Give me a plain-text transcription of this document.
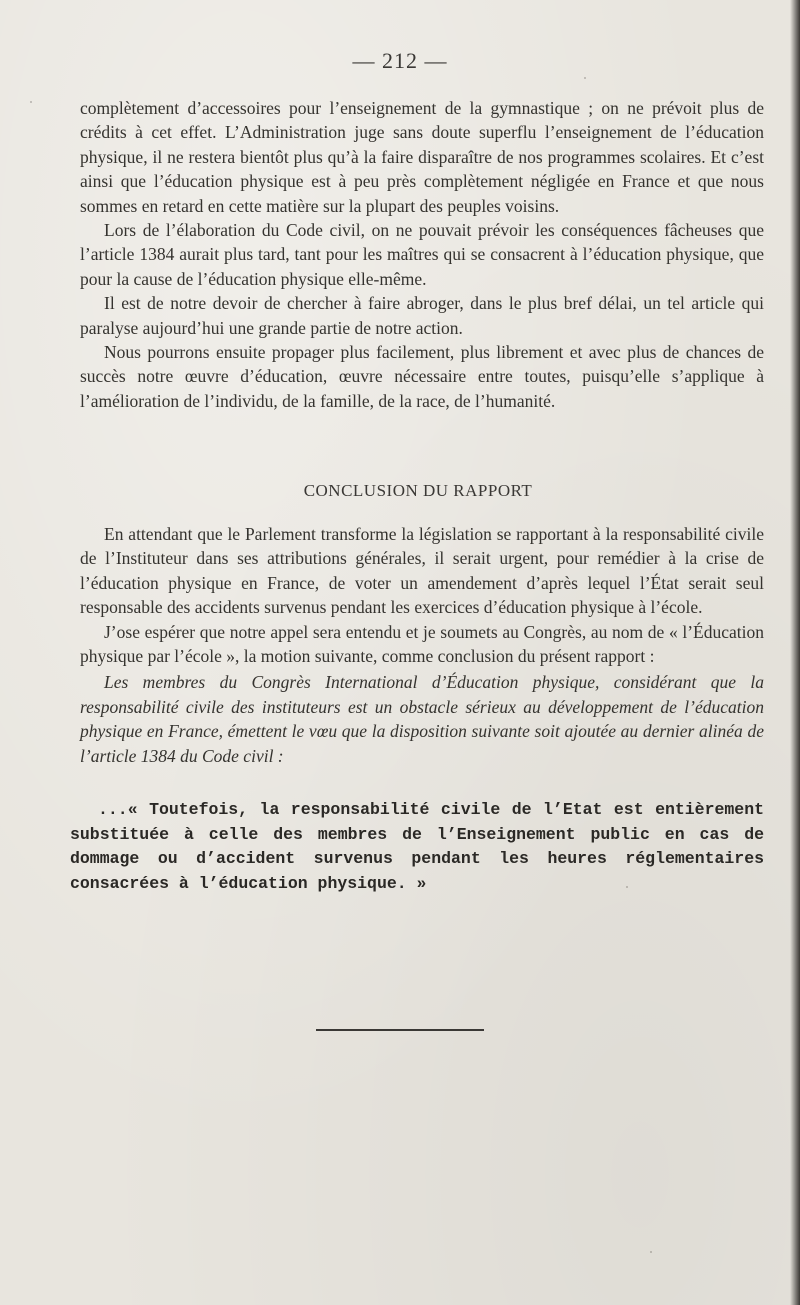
— 212 —

complètement d’accessoires pour l’enseignement de la gymnastique ; on ne prévoit plus de crédits à cet effet. L’Administration juge sans doute superflu l’enseignement de l’éducation physique, il ne restera bientôt plus qu’à la faire disparaître de nos programmes scolaires. Et c’est ainsi que l’éducation physique est à peu près complètement négligée en France et que nous sommes en retard en cette matière sur la plupart des peuples voisins.

Lors de l’élaboration du Code civil, on ne pouvait prévoir les conséquences fâcheuses que l’article 1384 aurait plus tard, tant pour les maîtres qui se consacrent à l’éducation physique, que pour la cause de l’éducation physique elle-même.

Il est de notre devoir de chercher à faire abroger, dans le plus bref délai, un tel article qui paralyse aujourd’hui une grande partie de notre action.

Nous pourrons ensuite propager plus facilement, plus librement et avec plus de chances de succès notre œuvre d’éducation, œuvre nécessaire entre toutes, puisqu’elle s’applique à l’amélioration de l’individu, de la famille, de la race, de l’humanité.

CONCLUSION DU RAPPORT

En attendant que le Parlement transforme la législation se rapportant à la responsabilité civile de l’Instituteur dans ses attributions générales, il serait urgent, pour remédier à la crise de l’éducation physique en France, de voter un amendement d’après lequel l’État serait seul responsable des accidents survenus pendant les exercices d’éducation physique à l’école.

J’ose espérer que notre appel sera entendu et je soumets au Congrès, au nom de « l’Éducation physique par l’école », la motion suivante, comme conclusion du présent rapport :

Les membres du Congrès International d’Éducation physique, considérant que la responsabilité civile des instituteurs est un obstacle sérieux au développement de l’éducation physique en France, émettent le vœu que la disposition suivante soit ajoutée au dernier alinéa de l’article 1384 du Code civil :

...« Toutefois, la responsabilité civile de l’Etat est entièrement substituée à celle des membres de l’Enseignement public en cas de dommage ou d’accident survenus pendant les heures réglementaires consacrées à l’éducation physique. »
